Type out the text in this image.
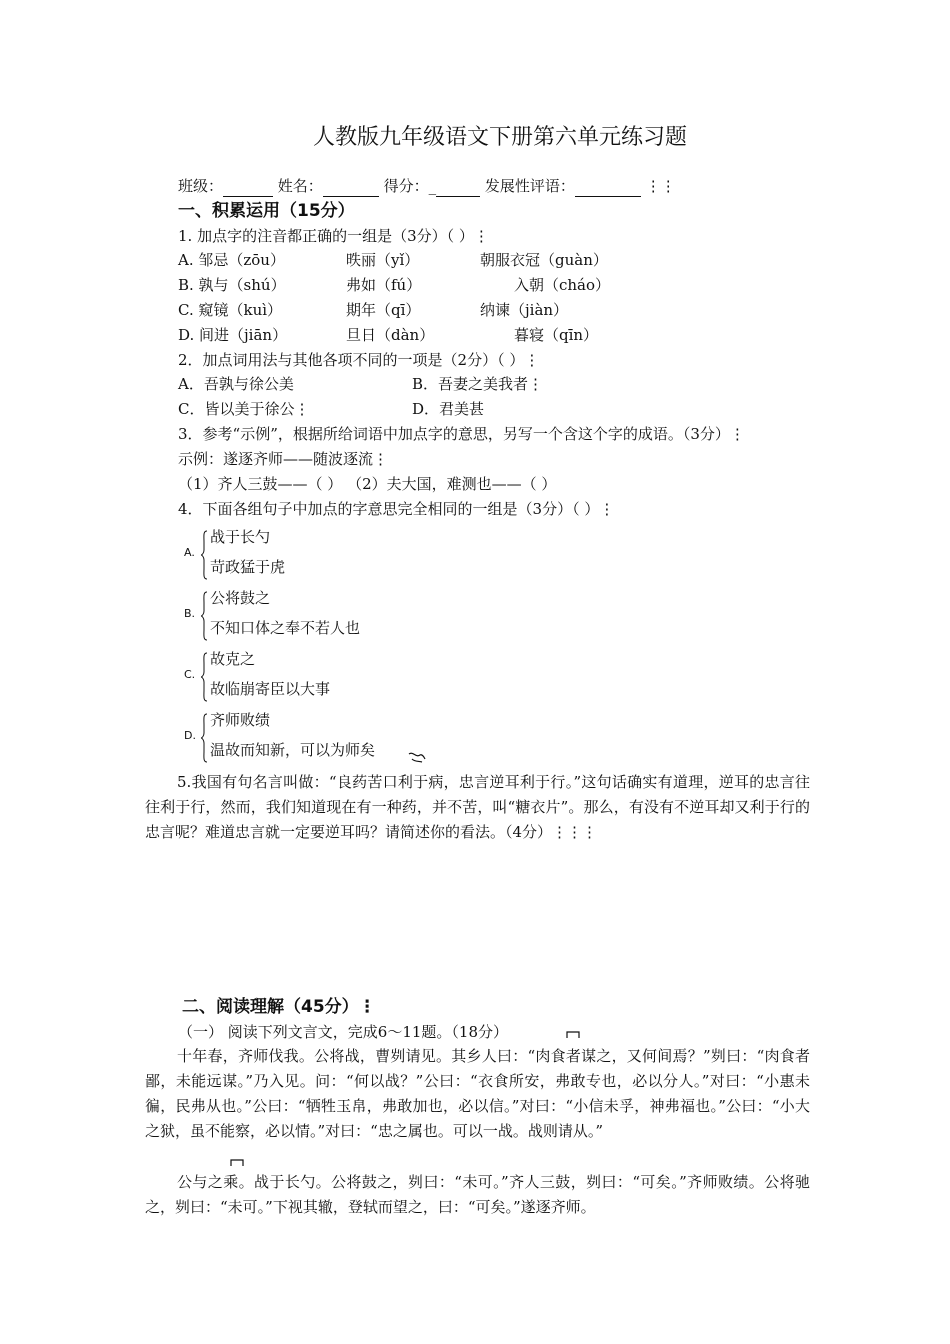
人教版九年级语文下册第六单元练习题
班级：	姓名：	得分：_	发展性评语：	⋮⋮
一、积累运用（15分）
1. 加点字的注音都正确的一组是（3分）（ ）⋮
A. 邹忌（zōu）	昳丽（yǐ）	朝服衣冠（guàn）
B. 孰与（shú）	弗如（fú）	入朝（cháo）
C. 窥镜（kuì）	期年（qī）	纳谏（jiàn）
D. 间进（jiān）	旦日（dàn）	暮寝（qīn）
2．加点词用法与其他各项不同的一项是（2分）（ ）⋮
A．吾孰与徐公美	B．吾妻之美我者⋮
C．皆以美于徐公⋮	D．君美甚
3．参考“示例”，根据所给词语中加点字的意思，另写一个含这个字的成语。（3分）⋮
示例：遂逐齐师——随波逐流⋮
（1）齐人三鼓——（ ） （2）夫大国，难测也——（ ）
4．下面各组句子中加点的字意思完全相同的一组是（3分）（ ）⋮
A.
战于长勺
苛政猛于虎
B.
公将鼓之
不知口体之奉不若人也
C.
故克之
故临崩寄臣以大事
D.
齐师败绩
温故而知新，可以为师矣
5.我国有句名言叫做：“良药苦口利于病，忠言逆耳利于行。”这句话确实有道理，逆耳的忠言往往利于行，然而，我们知道现在有一种药，并不苦，叫“糖衣片”。那么，有没有不逆耳却又利于行的忠言呢？难道忠言就一定要逆耳吗？请简述你的看法。（4分）⋮⋮⋮
二、阅读理解（45分）⋮
（一） 阅读下列文言文，完成6～11题。（18分）
十年春，齐师伐我。公将战，曹刿请见。其乡人曰：“肉食者谋之，又何间焉？”刿曰：“肉食者鄙，未能远谋。”乃入见。问：“何以战？”公曰：“衣食所安，弗敢专也，必以分人。”对曰：“小惠未徧，民弗从也。”公曰：“牺牲玉帛，弗敢加也，必以信。”对曰：“小信未孚，神弗福也。”公曰：“小大之狱，虽不能察，必以情。”对曰：“忠之属也。可以一战。战则请从。”
公与之乘。战于长勺。公将鼓之，刿曰：“未可。”齐人三鼓，刿曰：“可矣。”齐师败绩。公将驰之，刿曰：“未可。”下视其辙，登轼而望之，曰：“可矣。”遂逐齐师。
